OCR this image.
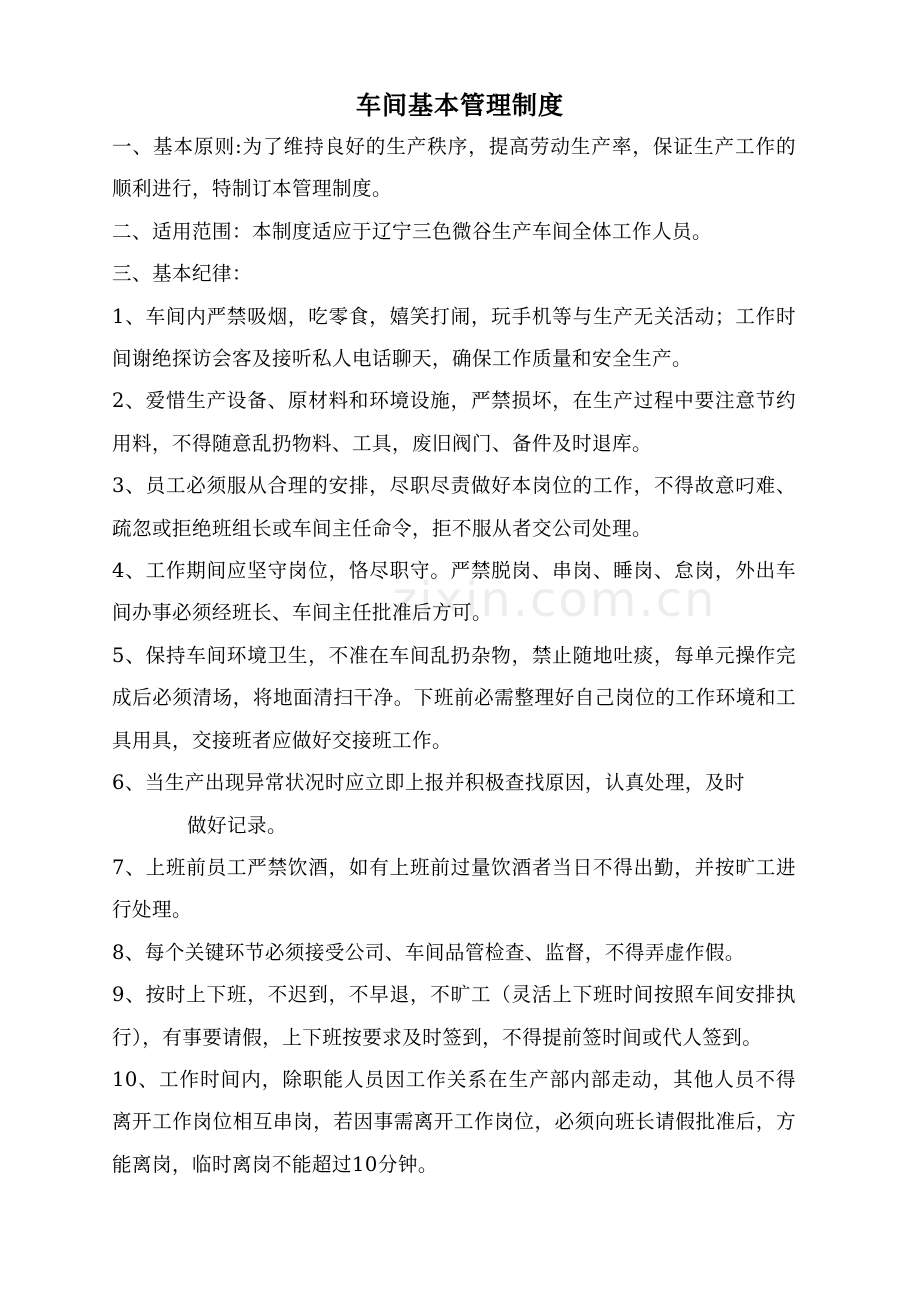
zixin.com.cn
车间基本管理制度

一、基本原则:为了维持良好的生产秩序，提高劳动生产率，保证生产工作的顺利进行，特制订本管理制度。

二、适用范围：本制度适应于辽宁三色微谷生产车间全体工作人员。

三、基本纪律：

1、车间内严禁吸烟，吃零食，嬉笑打闹，玩手机等与生产无关活动；工作时间谢绝探访会客及接听私人电话聊天，确保工作质量和安全生产。

2、爱惜生产设备、原材料和环境设施，严禁损坏，在生产过程中要注意节约用料，不得随意乱扔物料、工具，废旧阀门、备件及时退库。

3、员工必须服从合理的安排，尽职尽责做好本岗位的工作，不得故意叼难、疏忽或拒绝班组长或车间主任命令，拒不服从者交公司处理。

4、工作期间应坚守岗位，恪尽职守。严禁脱岗、串岗、睡岗、怠岗，外出车间办事必须经班长、车间主任批准后方可。

5、保持车间环境卫生，不准在车间乱扔杂物，禁止随地吐痰，每单元操作完成后必须清场，将地面清扫干净。下班前必需整理好自己岗位的工作环境和工具用具，交接班者应做好交接班工作。

6、当生产出现异常状况时应立即上报并积极查找原因，认真处理，及时

做好记录。

7、上班前员工严禁饮酒，如有上班前过量饮酒者当日不得出勤，并按旷工进行处理。

8、每个关键环节必须接受公司、车间品管检查、监督，不得弄虚作假。

9、按时上下班，不迟到，不早退，不旷工（灵活上下班时间按照车间安排执行），有事要请假，上下班按要求及时签到，不得提前签时间或代人签到。

10、工作时间内，除职能人员因工作关系在生产部内部走动，其他人员不得离开工作岗位相互串岗，若因事需离开工作岗位，必须向班长请假批准后，方能离岗，临时离岗不能超过10分钟。
